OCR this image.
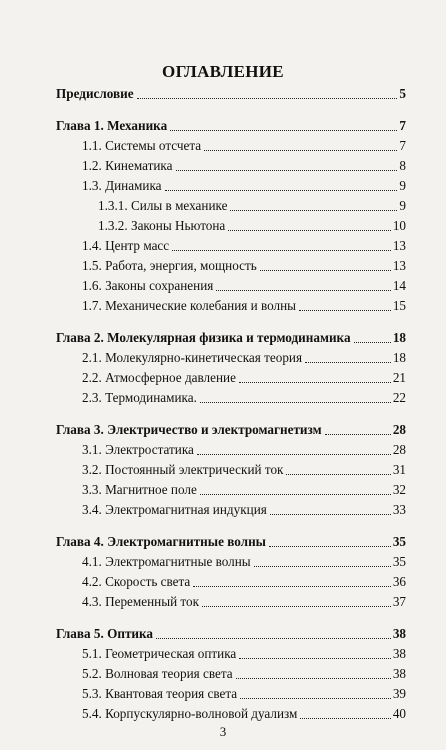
ОГЛАВЛЕНИЕ
Предисловие	5
Глава 1. Механика	7
1.1. Системы отсчета	7
1.2. Кинематика	8
1.3. Динамика	9
1.3.1. Силы в механике	9
1.3.2. Законы Ньютона	10
1.4. Центр масс	13
1.5. Работа, энергия, мощность	13
1.6. Законы сохранения	14
1.7. Механические колебания и волны	15
Глава 2. Молекулярная физика и термодинамика	18
2.1. Молекулярно-кинетическая теория	18
2.2. Атмосферное давление	21
2.3. Термодинамика.	22
Глава 3. Электричество и электромагнетизм	28
3.1. Электростатика	28
3.2. Постоянный электрический ток	31
3.3. Магнитное поле	32
3.4. Электромагнитная индукция	33
Глава 4. Электромагнитные волны	35
4.1. Электромагнитные волны	35
4.2. Скорость света	36
4.3. Переменный ток	37
Глава 5. Оптика	38
5.1. Геометрическая оптика	38
5.2. Волновая теория света	38
5.3. Квантовая теория света	39
5.4. Корпускулярно-волновой дуализм	40
3
